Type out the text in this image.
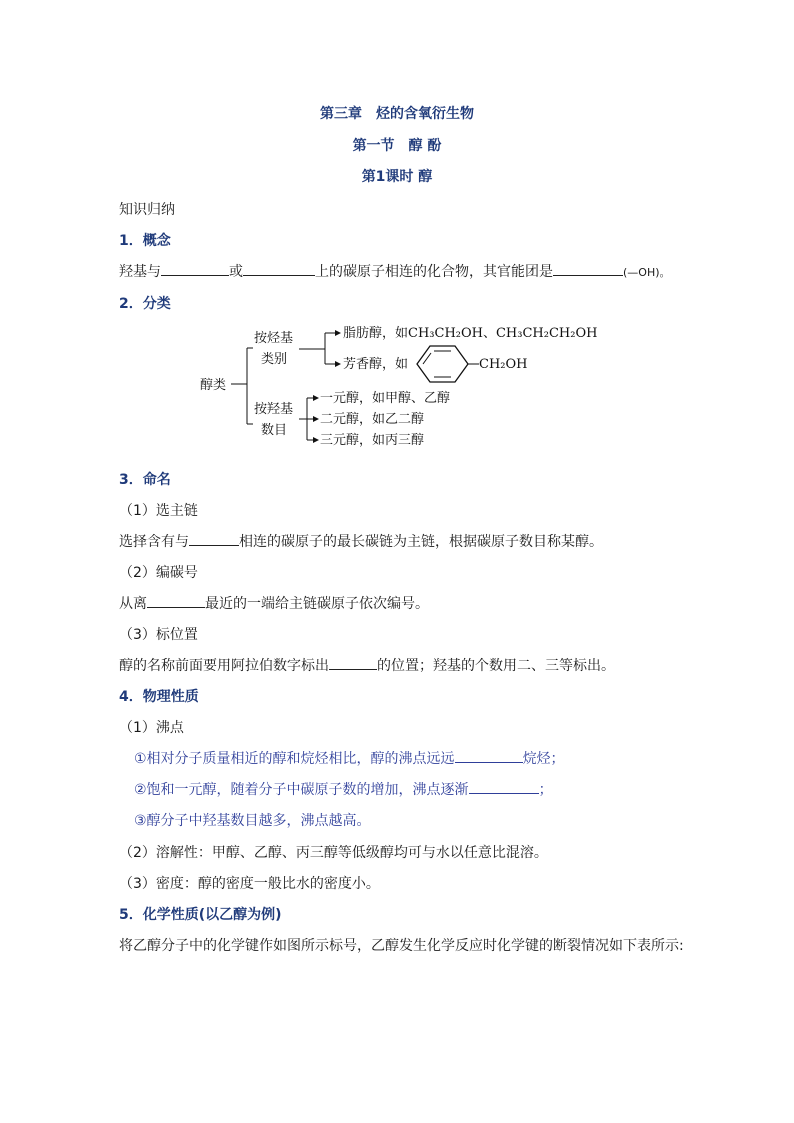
第三章　烃的含氧衍生物
第一节　醇 酚
第1课时 醇
知识归纳
1．概念
羟基与	或	上的碳原子相连的化合物，其官能团是	(—OH)。
2．分类
醇类
按烃基
类别
脂肪醇，如CH₃CH₂OH、CH₃CH₂CH₂OH
芳香醇，如	CH₂OH
按羟基
数目
一元醇，如甲醇、乙醇
二元醇，如乙二醇
三元醇，如丙三醇
3．命名
（1）选主链
选择含有与	相连的碳原子的最长碳链为主链，根据碳原子数目称某醇。
（2）编碳号
从离	最近的一端给主链碳原子依次编号。
（3）标位置
醇的名称前面要用阿拉伯数字标出	的位置；羟基的个数用二、三等标出。
4．物理性质
（1）沸点
①相对分子质量相近的醇和烷烃相比，醇的沸点远远	烷烃；
②饱和一元醇，随着分子中碳原子数的增加，沸点逐渐	；
③醇分子中羟基数目越多，沸点越高。
（2）溶解性：甲醇、乙醇、丙三醇等低级醇均可与水以任意比混溶。
（3）密度：醇的密度一般比水的密度小。
5．化学性质(以乙醇为例)
将乙醇分子中的化学键作如图所示标号，乙醇发生化学反应时化学键的断裂情况如下表所示:
